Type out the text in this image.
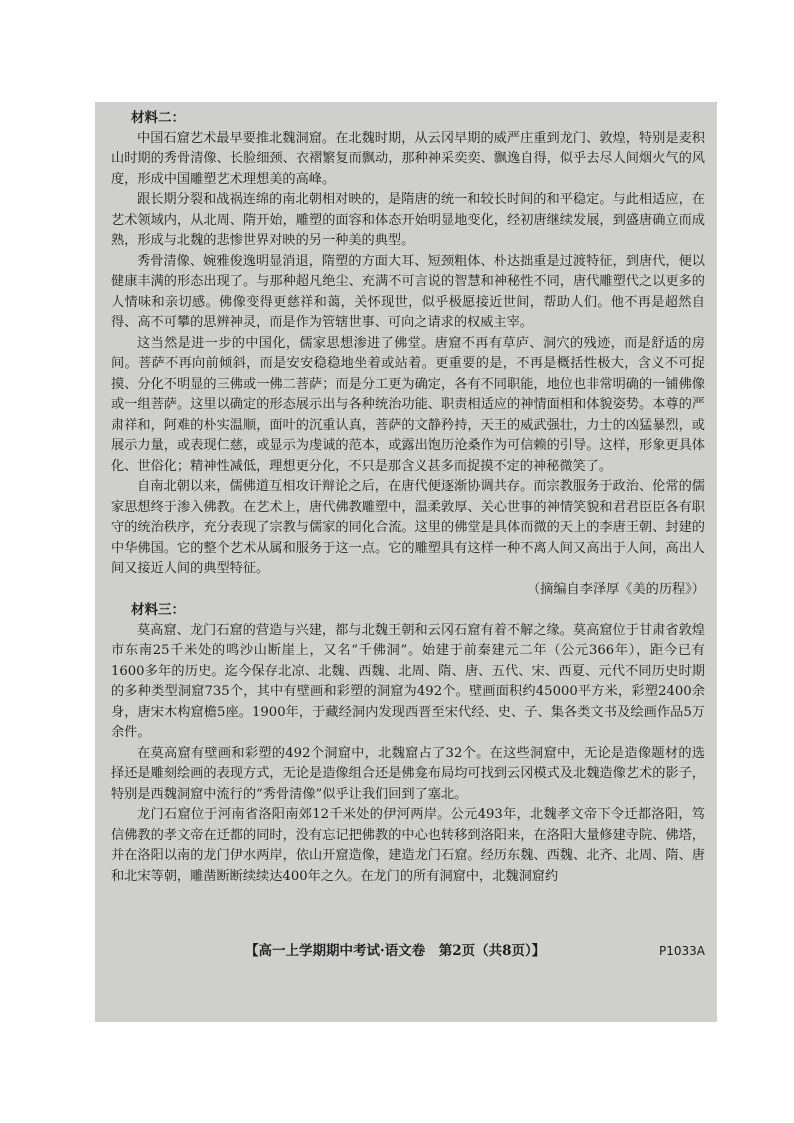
材料二：

中国石窟艺术最早要推北魏洞窟。在北魏时期，从云冈早期的威严庄重到龙门、敦煌，特别是麦积山时期的秀骨清像、长脸细颈、衣褶繁复而飘动，那种神采奕奕、飘逸自得，似乎去尽人间烟火气的风度，形成中国雕塑艺术理想美的高峰。

跟长期分裂和战祸连绵的南北朝相对映的，是隋唐的统一和较长时间的和平稳定。与此相适应，在艺术领域内，从北周、隋开始，雕塑的面容和体态开始明显地变化，经初唐继续发展，到盛唐确立而成熟，形成与北魏的悲惨世界对映的另一种美的典型。

秀骨清像、婉雅俊逸明显消退，隋塑的方面大耳、短颈粗体、朴达拙重是过渡特征，到唐代，便以健康丰满的形态出现了。与那种超凡绝尘、充满不可言说的智慧和神秘性不同，唐代雕塑代之以更多的人情味和亲切感。佛像变得更慈祥和蔼，关怀现世，似乎极愿接近世间，帮助人们。他不再是超然自得、高不可攀的思辨神灵，而是作为管辖世事、可向之请求的权威主宰。

这当然是进一步的中国化，儒家思想渗进了佛堂。唐窟不再有草庐、洞穴的残迹，而是舒适的房间。菩萨不再向前倾斜，而是安安稳稳地坐着或站着。更重要的是，不再是概括性极大，含义不可捉摸、分化不明显的三佛或一佛二菩萨；而是分工更为确定，各有不同职能，地位也非常明确的一铺佛像或一组菩萨。这里以确定的形态展示出与各种统治功能、职责相适应的神情面相和体貌姿势。本尊的严肃祥和，阿难的朴实温顺，面叶的沉重认真，菩萨的文静矜持，天王的威武强壮，力士的凶猛暴烈，或展示力量，或表现仁慈，或显示为虔诚的范本，或露出饱历沧桑作为可信赖的引导。这样，形象更具体化、世俗化；精神性减低，理想更分化，不只是那含义甚多而捉摸不定的神秘微笑了。

自南北朝以来，儒佛道互相攻讦辩论之后，在唐代便逐渐协调共存。而宗教服务于政治、伦常的儒家思想终于渗入佛教。在艺术上，唐代佛教雕塑中，温柔敦厚、关心世事的神情笑貌和君君臣臣各有职守的统治秩序，充分表现了宗教与儒家的同化合流。这里的佛堂是具体而微的天上的李唐王朝、封建的中华佛国。它的整个艺术从属和服务于这一点。它的雕塑具有这样一种不离人间又高出于人间，高出人间又接近人间的典型特征。

（摘编自李泽厚《美的历程》）
材料三：

莫高窟、龙门石窟的营造与兴建，都与北魏王朝和云冈石窟有着不解之缘。莫高窟位于甘肃省敦煌市东南25千米处的鸣沙山断崖上，又名“千佛洞”。始建于前秦建元二年（公元366年），距今已有1600多年的历史。迄今保存北凉、北魏、西魏、北周、隋、唐、五代、宋、西夏、元代不同历史时期的多种类型洞窟735个，其中有壁画和彩塑的洞窟为492个。壁画面积约45000平方米，彩塑2400余身，唐宋木构窟檐5座。1900年，于藏经洞内发现西晋至宋代经、史、子、集各类文书及绘画作品5万余件。

在莫高窟有壁画和彩塑的492个洞窟中，北魏窟占了32个。在这些洞窟中，无论是造像题材的选择还是雕刻绘画的表现方式，无论是造像组合还是佛龛布局均可找到云冈模式及北魏造像艺术的影子，特别是西魏洞窟中流行的“秀骨清像”似乎让我们回到了塞北。

龙门石窟位于河南省洛阳南郊12千米处的伊河两岸。公元493年，北魏孝文帝下令迁都洛阳，笃信佛教的孝文帝在迁都的同时，没有忘记把佛教的中心也转移到洛阳来，在洛阳大量修建寺院、佛塔，并在洛阳以南的龙门伊水两岸，依山开窟造像，建造龙门石窟。经历东魏、西魏、北齐、北周、隋、唐和北宋等朝，雕凿断断续续达400年之久。在龙门的所有洞窟中，北魏洞窟约

【高一上学期期中考试·语文卷　第2页（共8页）】	P1033A
